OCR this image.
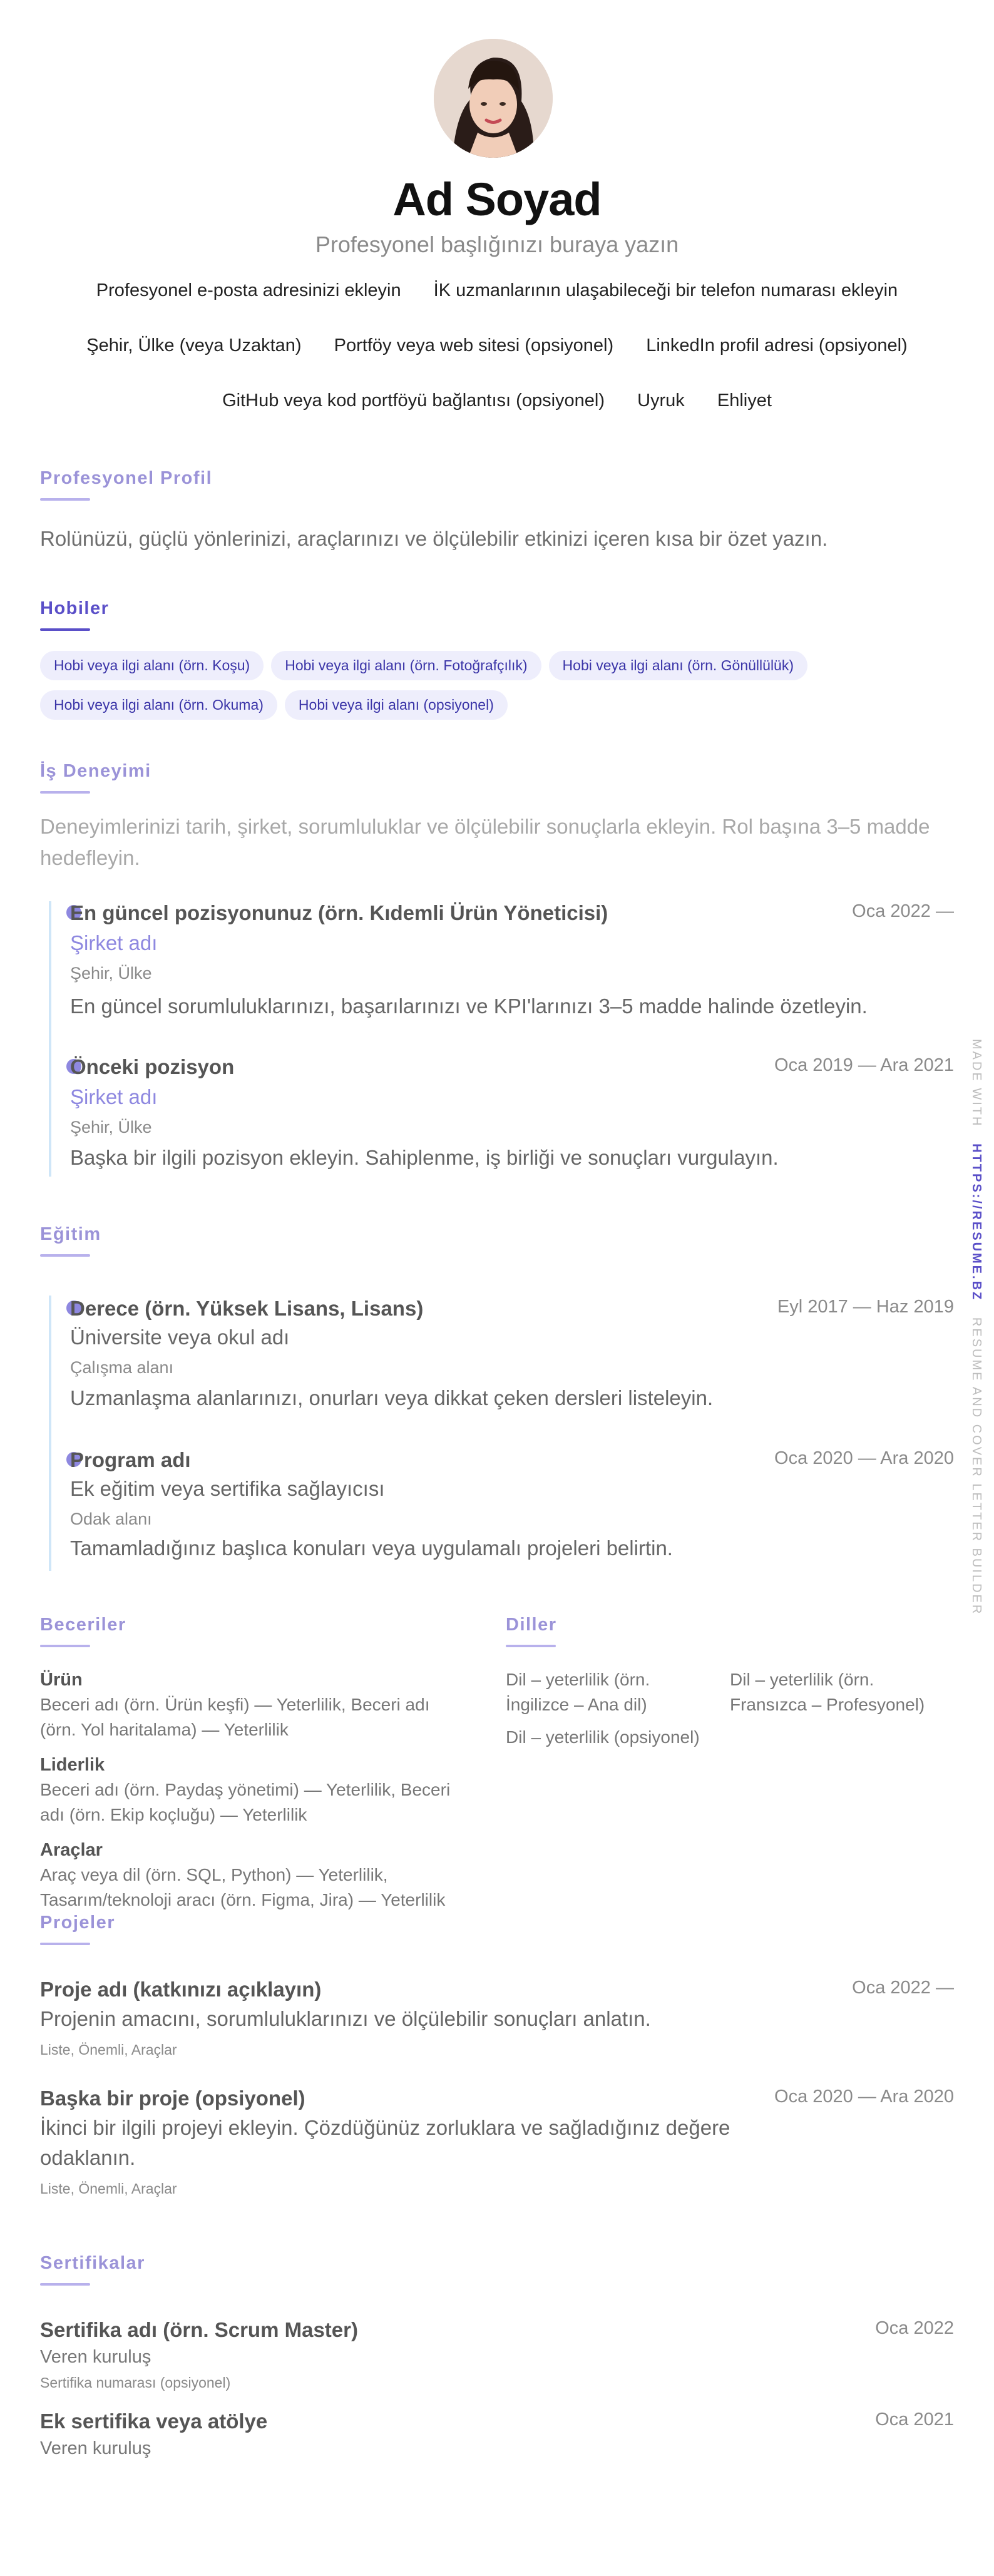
Ad Soyad
Profesyonel başlığınızı buraya yazın
Profesyonel e-posta adresinizi ekleyin İK uzmanlarının ulaşabileceği bir telefon numarası ekleyin
Şehir, Ülke (veya Uzaktan) Portföy veya web sitesi (opsiyonel) LinkedIn profil adresi (opsiyonel)
GitHub veya kod portföyü bağlantısı (opsiyonel) Uyruk Ehliyet
Profesyonel Profil
Rolünüzü, güçlü yönlerinizi, araçlarınızı ve ölçülebilir etkinizi içeren kısa bir özet yazın.
Hobiler
Hobi veya ilgi alanı (örn. Koşu) Hobi veya ilgi alanı (örn. Fotoğrafçılık) Hobi veya ilgi alanı (örn. Gönüllülük)Hobi veya ilgi alanı (örn. Okuma) Hobi veya ilgi alanı (opsiyonel)
İş Deneyimi
Deneyimlerinizi tarih, şirket, sorumluluklar ve ölçülebilir sonuçlarla ekleyin. Rol başına 3–5 madde hedefleyin.
En güncel pozisyonunuz (örn. Kıdemli Ürün Yöneticisi)	Oca 2022 —
Şirket adı
Şehir, Ülke
En güncel sorumluluklarınızı, başarılarınızı ve KPI'larınızı 3–5 madde halinde özetleyin.
Önceki pozisyon	Oca 2019 — Ara 2021
Şirket adı
Şehir, Ülke
Başka bir ilgili pozisyon ekleyin. Sahiplenme, iş birliği ve sonuçları vurgulayın.
Eğitim
Derece (örn. Yüksek Lisans, Lisans)	Eyl 2017 — Haz 2019
Üniversite veya okul adı
Çalışma alanı
Uzmanlaşma alanlarınızı, onurları veya dikkat çeken dersleri listeleyin.
Program adı	Oca 2020 — Ara 2020
Ek eğitim veya sertifika sağlayıcısı
Odak alanı
Tamamladığınız başlıca konuları veya uygulamalı projeleri belirtin.
Beceriler
Ürün
Beceri adı (örn. Ürün keşfi) — Yeterlilik, Beceri adı
(örn. Yol haritalama) — Yeterlilik
Liderlik
Beceri adı (örn. Paydaş yönetimi) — Yeterlilik, Beceri
adı (örn. Ekip koçluğu) — Yeterlilik
Araçlar
Araç veya dil (örn. SQL, Python) — Yeterlilik,
Tasarım/teknoloji aracı (örn. Figma, Jira) — Yeterlilik
Diller
Dil – yeterlilik (örn.
İngilizce – Ana dil)
Dil – yeterlilik (örn.
Fransızca – Profesyonel)
Dil – yeterlilik (opsiyonel)
Projeler
Proje adı (katkınızı açıklayın)	Oca 2022 —
Projenin amacını, sorumluluklarınızı ve ölçülebilir sonuçları anlatın.
Liste, Önemli, Araçlar
Başka bir proje (opsiyonel)	Oca 2020 — Ara 2020
İkinci bir ilgili projeyi ekleyin. Çözdüğünüz zorluklara ve sağladığınız değere
odaklanın.
Liste, Önemli, Araçlar
Sertifikalar
Sertifika adı (örn. Scrum Master)	Oca 2022
Veren kuruluş
Sertifika numarası (opsiyonel)
Ek sertifika veya atölye	Oca 2021
Veren kuruluş
MADE WITH   HTTPS://RESUME.BZ   RESUME AND COVER LETTER BUILDER
